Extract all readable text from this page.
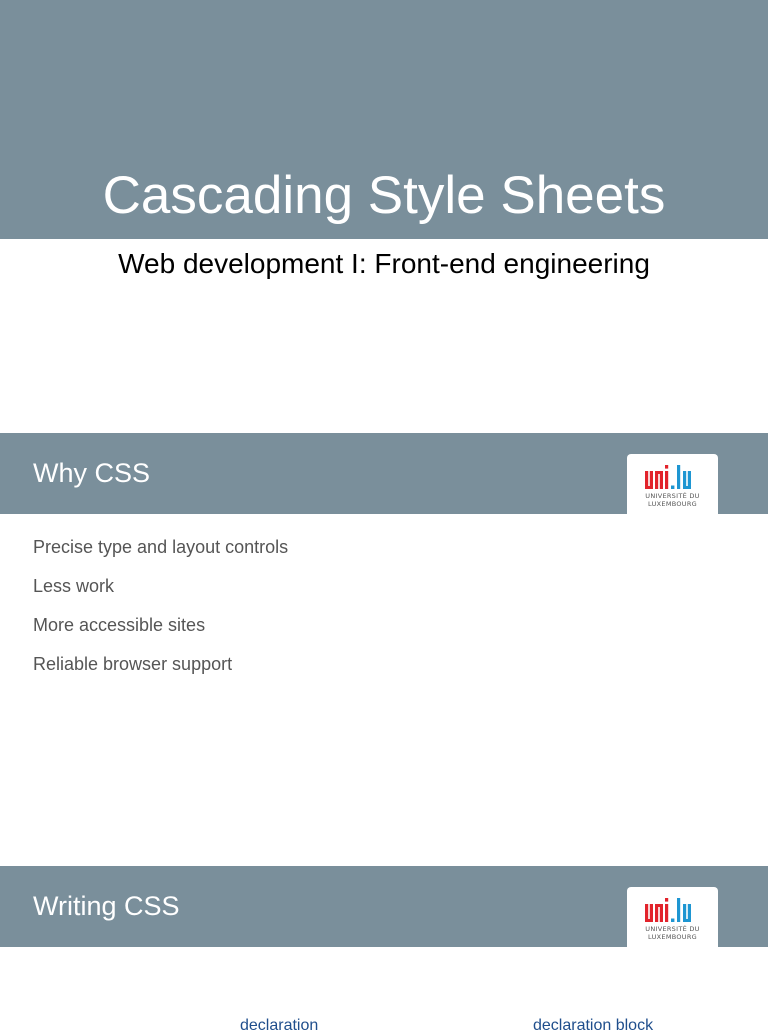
Cascading Style Sheets
Web development I: Front-end engineering
Why CSS
UNIVERSITÉ DU
LUXEMBOURG
Precise type and layout controls
Less work
More accessible sites
Reliable browser support
Writing CSS
UNIVERSITÉ DU
LUXEMBOURG
declaration	declaration block
